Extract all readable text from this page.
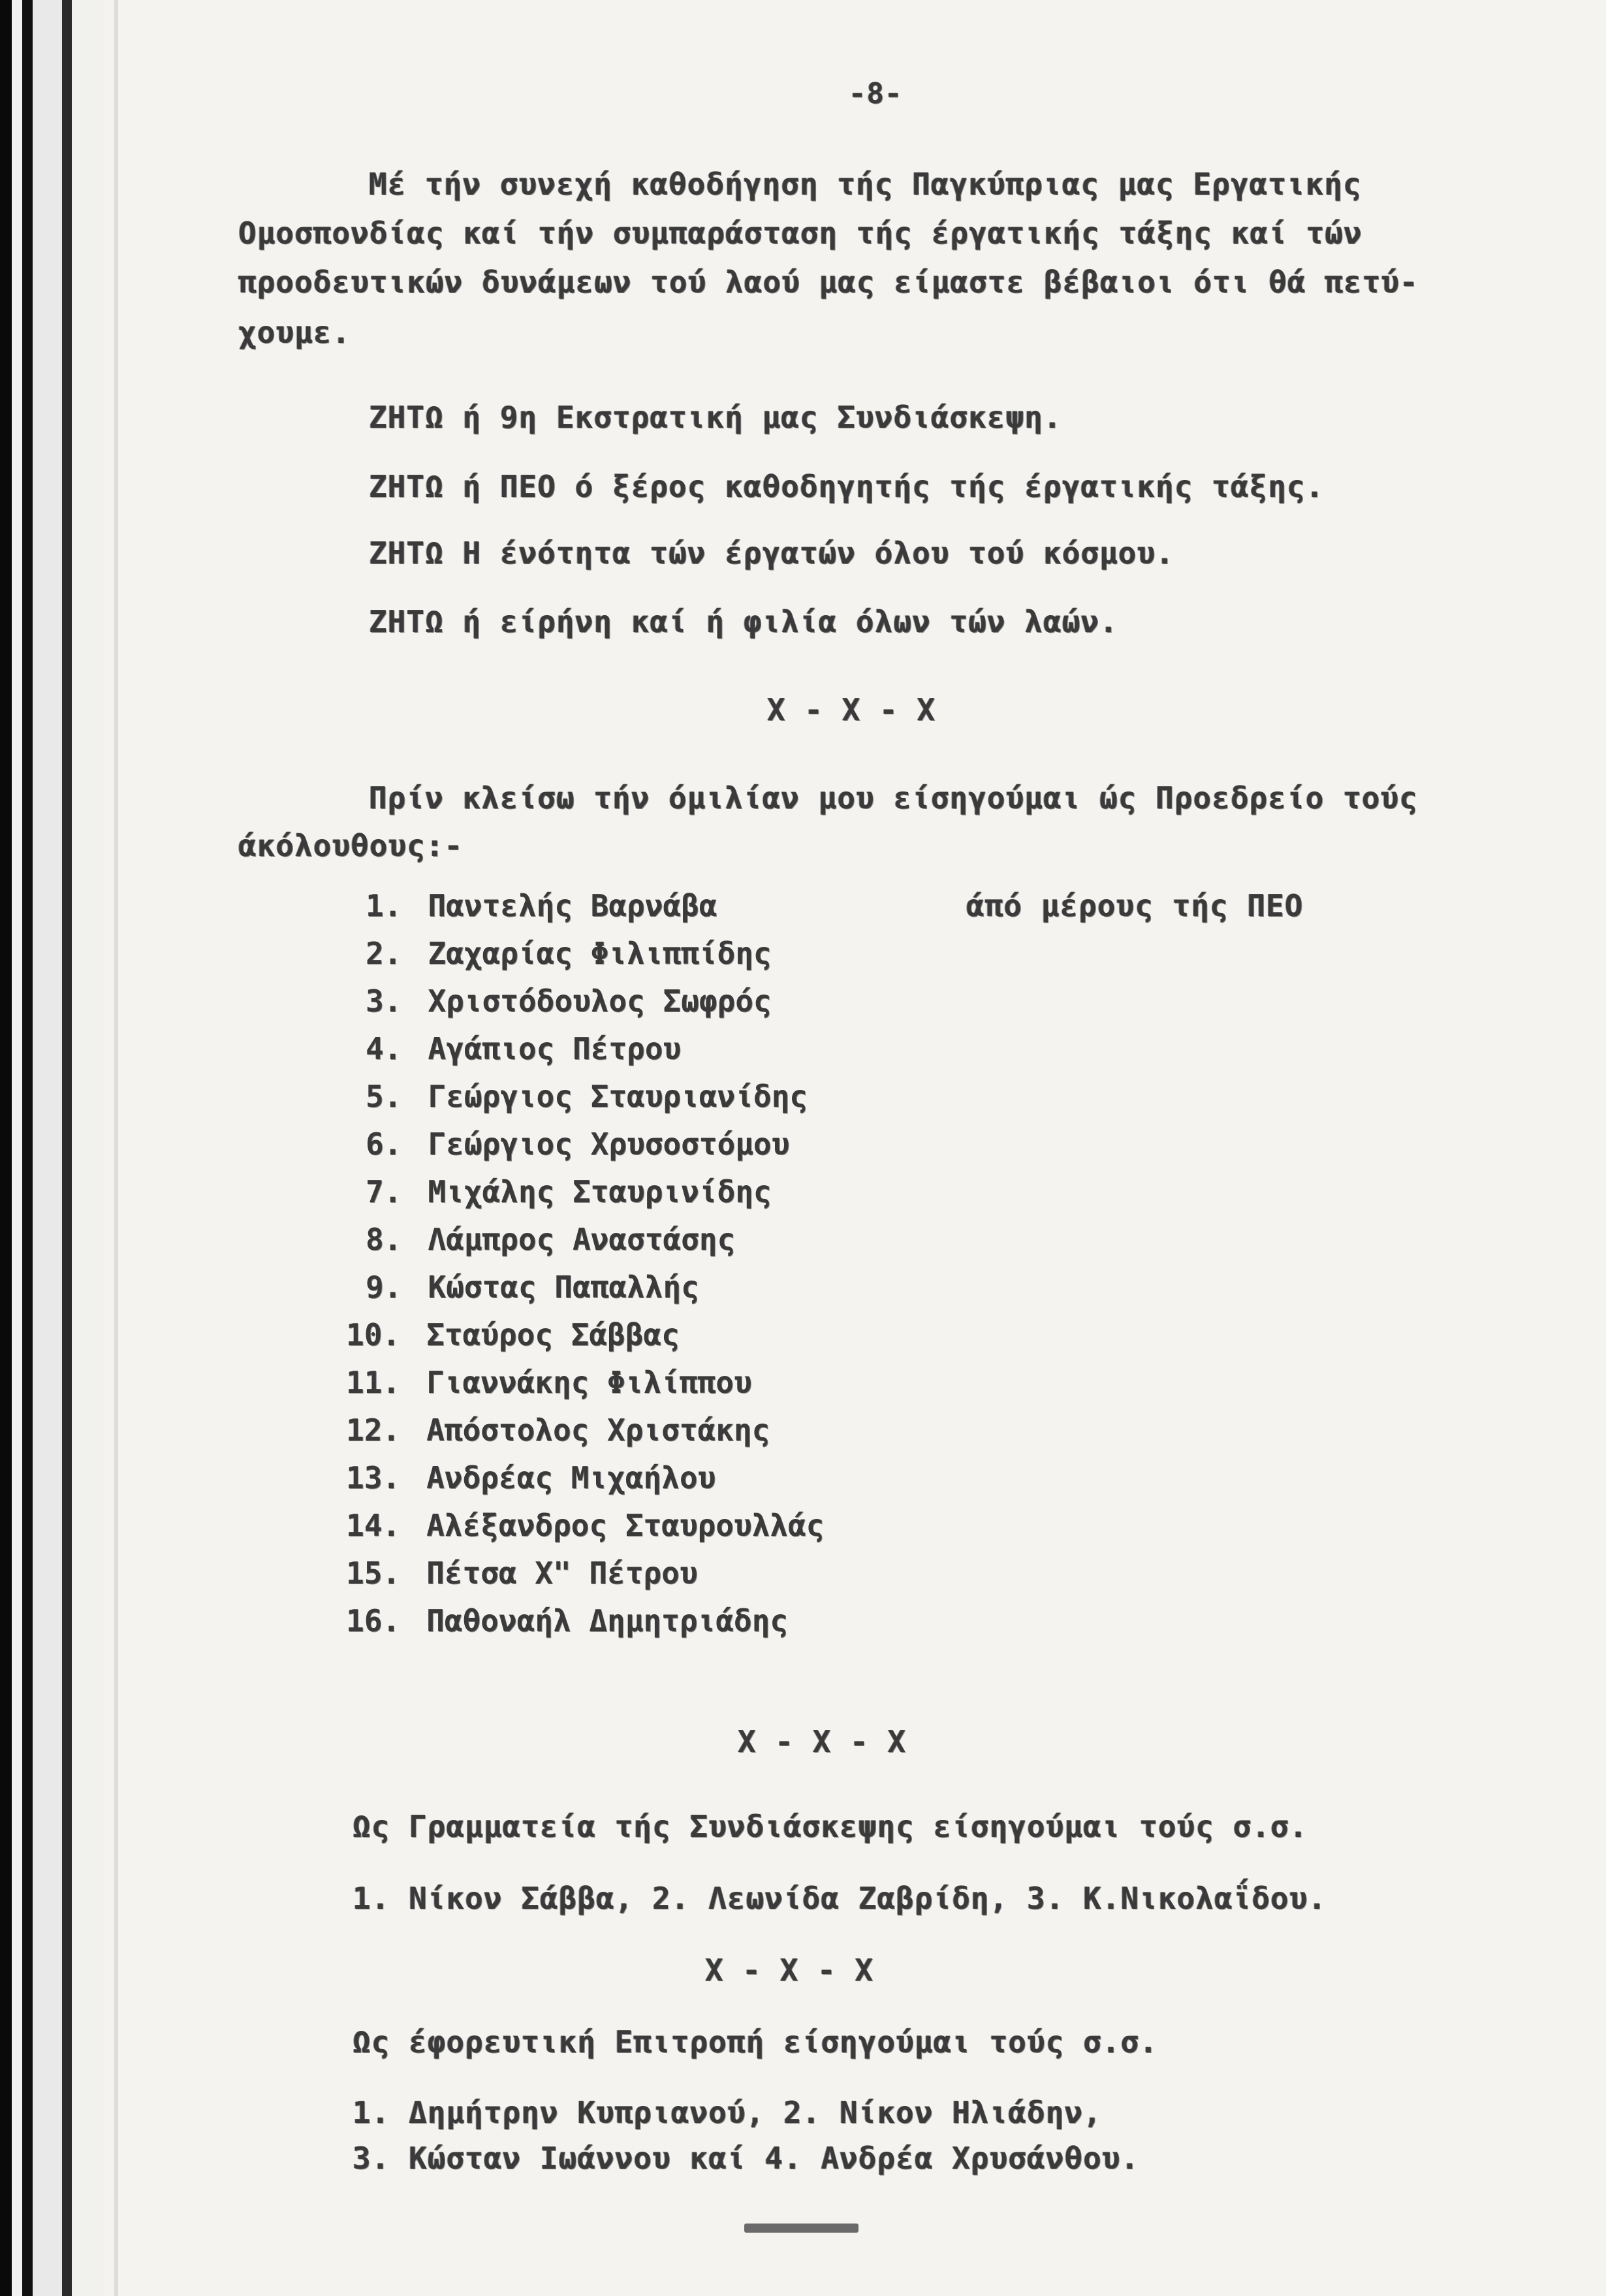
-8-
Μέ τήν συνεχή καθοδήγηση τής Παγκύπριας μας Εργατικής
Ομοσπονδίας καί τήν συμπαράσταση τής έργατικής τάξης καί τών
προοδευτικών δυνάμεων τού λαού μας είμαστε βέβαιοι ότι θά πετύ-
χουμε.
ΖΗΤΩ ή 9η Εκστρατική μας Συνδιάσκεψη.
ΖΗΤΩ ή ΠΕΟ ό ξέρος καθοδηγητής τής έργατικής τάξης.
ΖΗΤΩ Η ένότητα τών έργατών όλου τού κόσμου.
ΖΗΤΩ ή είρήνη καί ή φιλία όλων τών λαών.
Χ - Χ - Χ
Πρίν κλείσω τήν όμιλίαν μου είσηγούμαι ώς Προεδρείο τούς
άκόλουθους:-
άπό μέρους τής ΠΕΟ
1. Παντελής Βαρνάβα
2. Ζαχαρίας Φιλιππίδης
3. Χριστόδουλος Σωφρός
4. Αγάπιος Πέτρου
5. Γεώργιος Σταυριανίδης
6. Γεώργιος Χρυσοστόμου
7. Μιχάλης Σταυρινίδης
8. Λάμπρος Αναστάσης
9. Κώστας Παπαλλής
10. Σταύρος Σάββας
11. Γιαννάκης Φιλίππου
12. Απόστολος Χριστάκης
13. Ανδρέας Μιχαήλου
14. Αλέξανδρος Σταυρουλλάς
15. Πέτσα Χ" Πέτρου
16. Παθοναήλ Δημητριάδης
Χ - Χ - Χ
Ως Γραμματεία τής Συνδιάσκεψης είσηγούμαι τούς σ.σ.
1. Νίκον Σάββα, 2. Λεωνίδα Ζαβρίδη, 3. Κ.Νικολαΐδου.
Χ - Χ - Χ
Ως έφορευτική Επιτροπή είσηγούμαι τούς σ.σ.
1. Δημήτρην Κυπριανού, 2. Νίκον Ηλιάδην,
3. Κώσταν Ιωάννου καί 4. Ανδρέα Χρυσάνθου.
